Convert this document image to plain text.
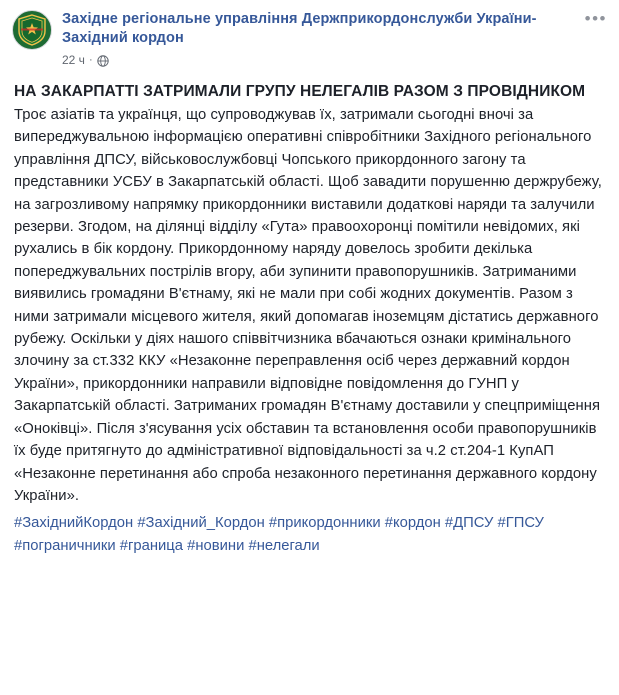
Західне регіональне управління Держприкордонслужби України-Західний кордон
22 ч ·
•••
НА ЗАКАРПАТТІ ЗАТРИМАЛИ ГРУПУ НЕЛЕГАЛІВ РАЗОМ З ПРОВІДНИКОМ
Троє азіатів та українця, що супроводжував їх, затримали сьогодні вночі за випереджувальною інформацією оперативні співробітники Західного регіонального управління ДПСУ, військовослужбовці Чопського прикордонного загону та представники УСБУ в Закарпатській області. Щоб завадити порушенню держрубежу, на загрозливому напрямку прикордонники виставили додаткові наряди та залучили резерви. Згодом, на ділянці відділу «Гута» правоохоронці помітили невідомих, які рухались в бік кордону. Прикордонному наряду довелось зробити декілька попереджувальних пострілів вгору, аби зупинити правопорушників. Затриманими виявились громадяни В'єтнаму, які не мали при собі жодних документів. Разом з ними затримали місцевого жителя, який допомагав іноземцям дістатись державного рубежу. Оскільки у діях нашого співвітчизника вбачаються ознаки кримінального злочину за ст.332 ККУ «Незаконне переправлення осіб через державний кордон України», прикордонники направили відповідне повідомлення до ГУНП у Закарпатській області. Затриманих громадян В'єтнаму доставили у спецприміщення «Оноківці». Після з'ясування усіх обставин та встановлення особи правопорушників їх буде притягнуто до адміністративної відповідальності за ч.2 ст.204-1 КупАП «Незаконне перетинання або спроба незаконного перетинання державного кордону України».
#ЗахіднийКордон #Західний_Кордон #прикордонники #кордон #ДПСУ #ГПСУ #пограничники #граница #новини #нелегали
